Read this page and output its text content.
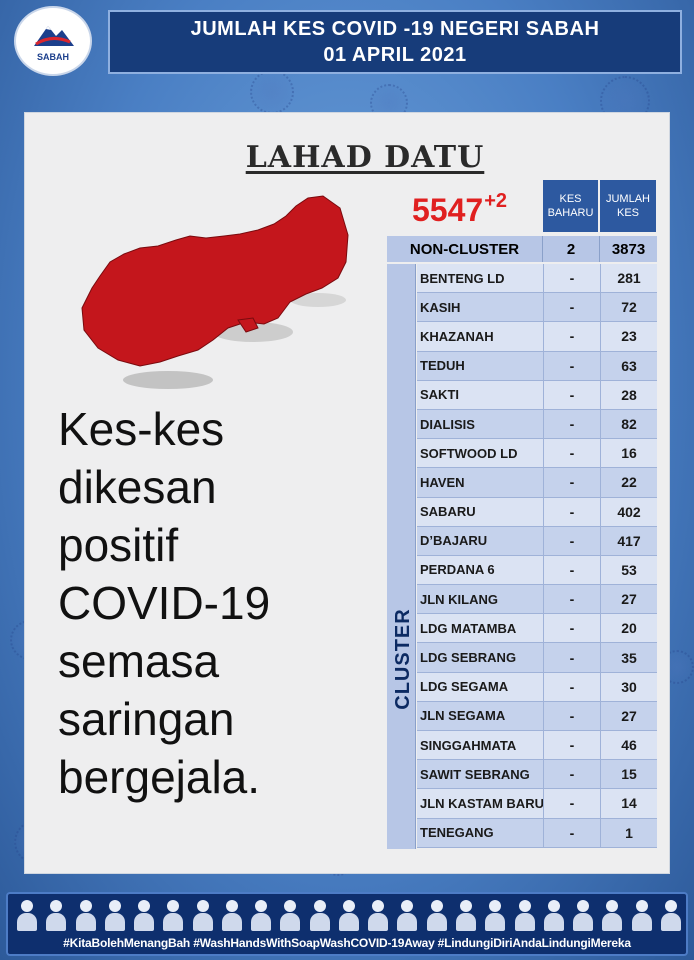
SABAH
JUMLAH KES COVID -19 NEGERI SABAH
01 APRIL 2021
LAHAD DATU
$5547^{+2}$
Kes-kes
dikesan
positif
COVID-19
semasa
saringan
bergejala.
KES
BAHARU
JUMLAH
KES
NON-CLUSTER	2	3873
CLUSTER
BENTENG LD	-	281
KASIH	-	72
KHAZANAH	-	23
TEDUH	-	63
SAKTI	-	28
DIALISIS	-	82
SOFTWOOD LD	-	16
HAVEN	-	22
SABARU	-	402
D’BAJARU	-	417
PERDANA 6	-	53
JLN KILANG	-	27
LDG MATAMBA	-	20
LDG SEBRANG	-	35
LDG SEGAMA	-	30
JLN SEGAMA	-	27
SINGGAHMATA	-	46
SAWIT SEBRANG	-	15
JLN KASTAM BARU	-	14
TENEGANG	-	1
#KitaBolehMenangBah #WashHandsWithSoapWashCOVID-19Away #LindungiDiriAndaLindungiMereka
